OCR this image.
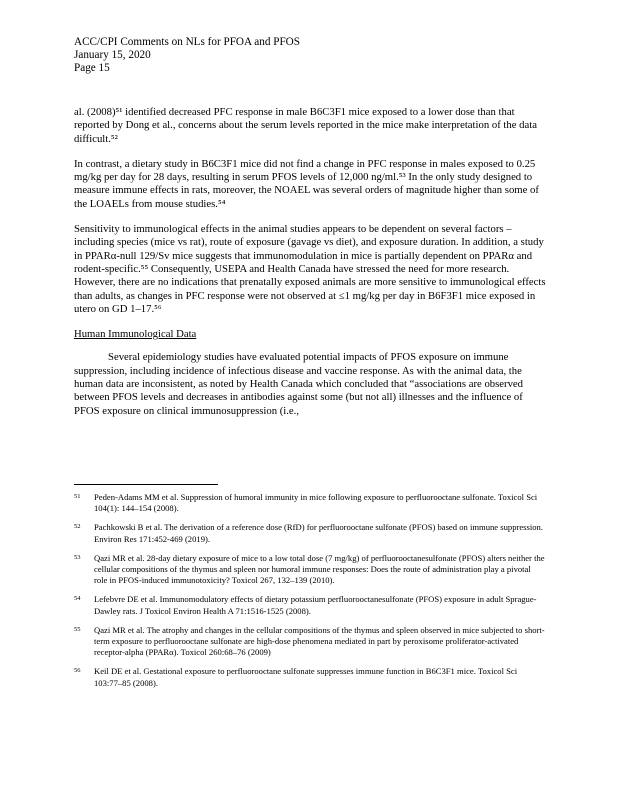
ACC/CPI Comments on NLs for PFOA and PFOS
January 15, 2020
Page 15

al. (2008)⁵¹ identified decreased PFC response in male B6C3F1 mice exposed to a lower dose than that reported by Dong et al., concerns about the serum levels reported in the mice make interpretation of the data difficult.⁵²

In contrast, a dietary study in B6C3F1 mice did not find a change in PFC response in males exposed to 0.25 mg/kg per day for 28 days, resulting in serum PFOS levels of 12,000 ng/ml.⁵³ In the only study designed to measure immune effects in rats, moreover, the NOAEL was several orders of magnitude higher than some of the LOAELs from mouse studies.⁵⁴

Sensitivity to immunological effects in the animal studies appears to be dependent on several factors – including species (mice vs rat), route of exposure (gavage vs diet), and exposure duration. In addition, a study in PPARα-null 129/Sv mice suggests that immunomodulation in mice is partially dependent on PPARα and rodent-specific.⁵⁵ Consequently, USEPA and Health Canada have stressed the need for more research. However, there are no indications that prenatally exposed animals are more sensitive to immunological effects than adults, as changes in PFC response were not observed at ≤1 mg/kg per day in B6F3F1 mice exposed in utero on GD 1–17.⁵⁶

Human Immunological Data

Several epidemiology studies have evaluated potential impacts of PFOS exposure on immune suppression, including incidence of infectious disease and vaccine response. As with the animal data, the human data are inconsistent, as noted by Health Canada which concluded that “associations are observed between PFOS levels and decreases in antibodies against some (but not all) illnesses and the influence of PFOS exposure on clinical immunosuppression (i.e.,

51	Peden-Adams MM et al. Suppression of humoral immunity in mice following exposure to perfluorooctane sulfonate. Toxicol Sci 104(1): 144–154 (2008).
52	Pachkowski B et al. The derivation of a reference dose (RfD) for perfluorooctane sulfonate (PFOS) based on immune suppression. Environ Res 171:452-469 (2019).
53	Qazi MR et al. 28-day dietary exposure of mice to a low total dose (7 mg/kg) of perfluorooctanesulfonate (PFOS) alters neither the cellular compositions of the thymus and spleen nor humoral immune responses: Does the route of administration play a pivotal role in PFOS-induced immunotoxicity? Toxicol 267, 132–139 (2010).
54	Lefebvre DE et al. Immunomodulatory effects of dietary potassium perfluorooctanesulfonate (PFOS) exposure in adult Sprague-Dawley rats. J Toxicol Environ Health A 71:1516-1525 (2008).
55	Qazi MR et al. The atrophy and changes in the cellular compositions of the thymus and spleen observed in mice subjected to short-term exposure to perfluorooctane sulfonate are high-dose phenomena mediated in part by peroxisome proliferator-activated receptor-alpha (PPARα). Toxicol 260:68–76 (2009)
56	Keil DE et al. Gestational exposure to perfluorooctane sulfonate suppresses immune function in B6C3F1 mice. Toxicol Sci 103:77–85 (2008).
